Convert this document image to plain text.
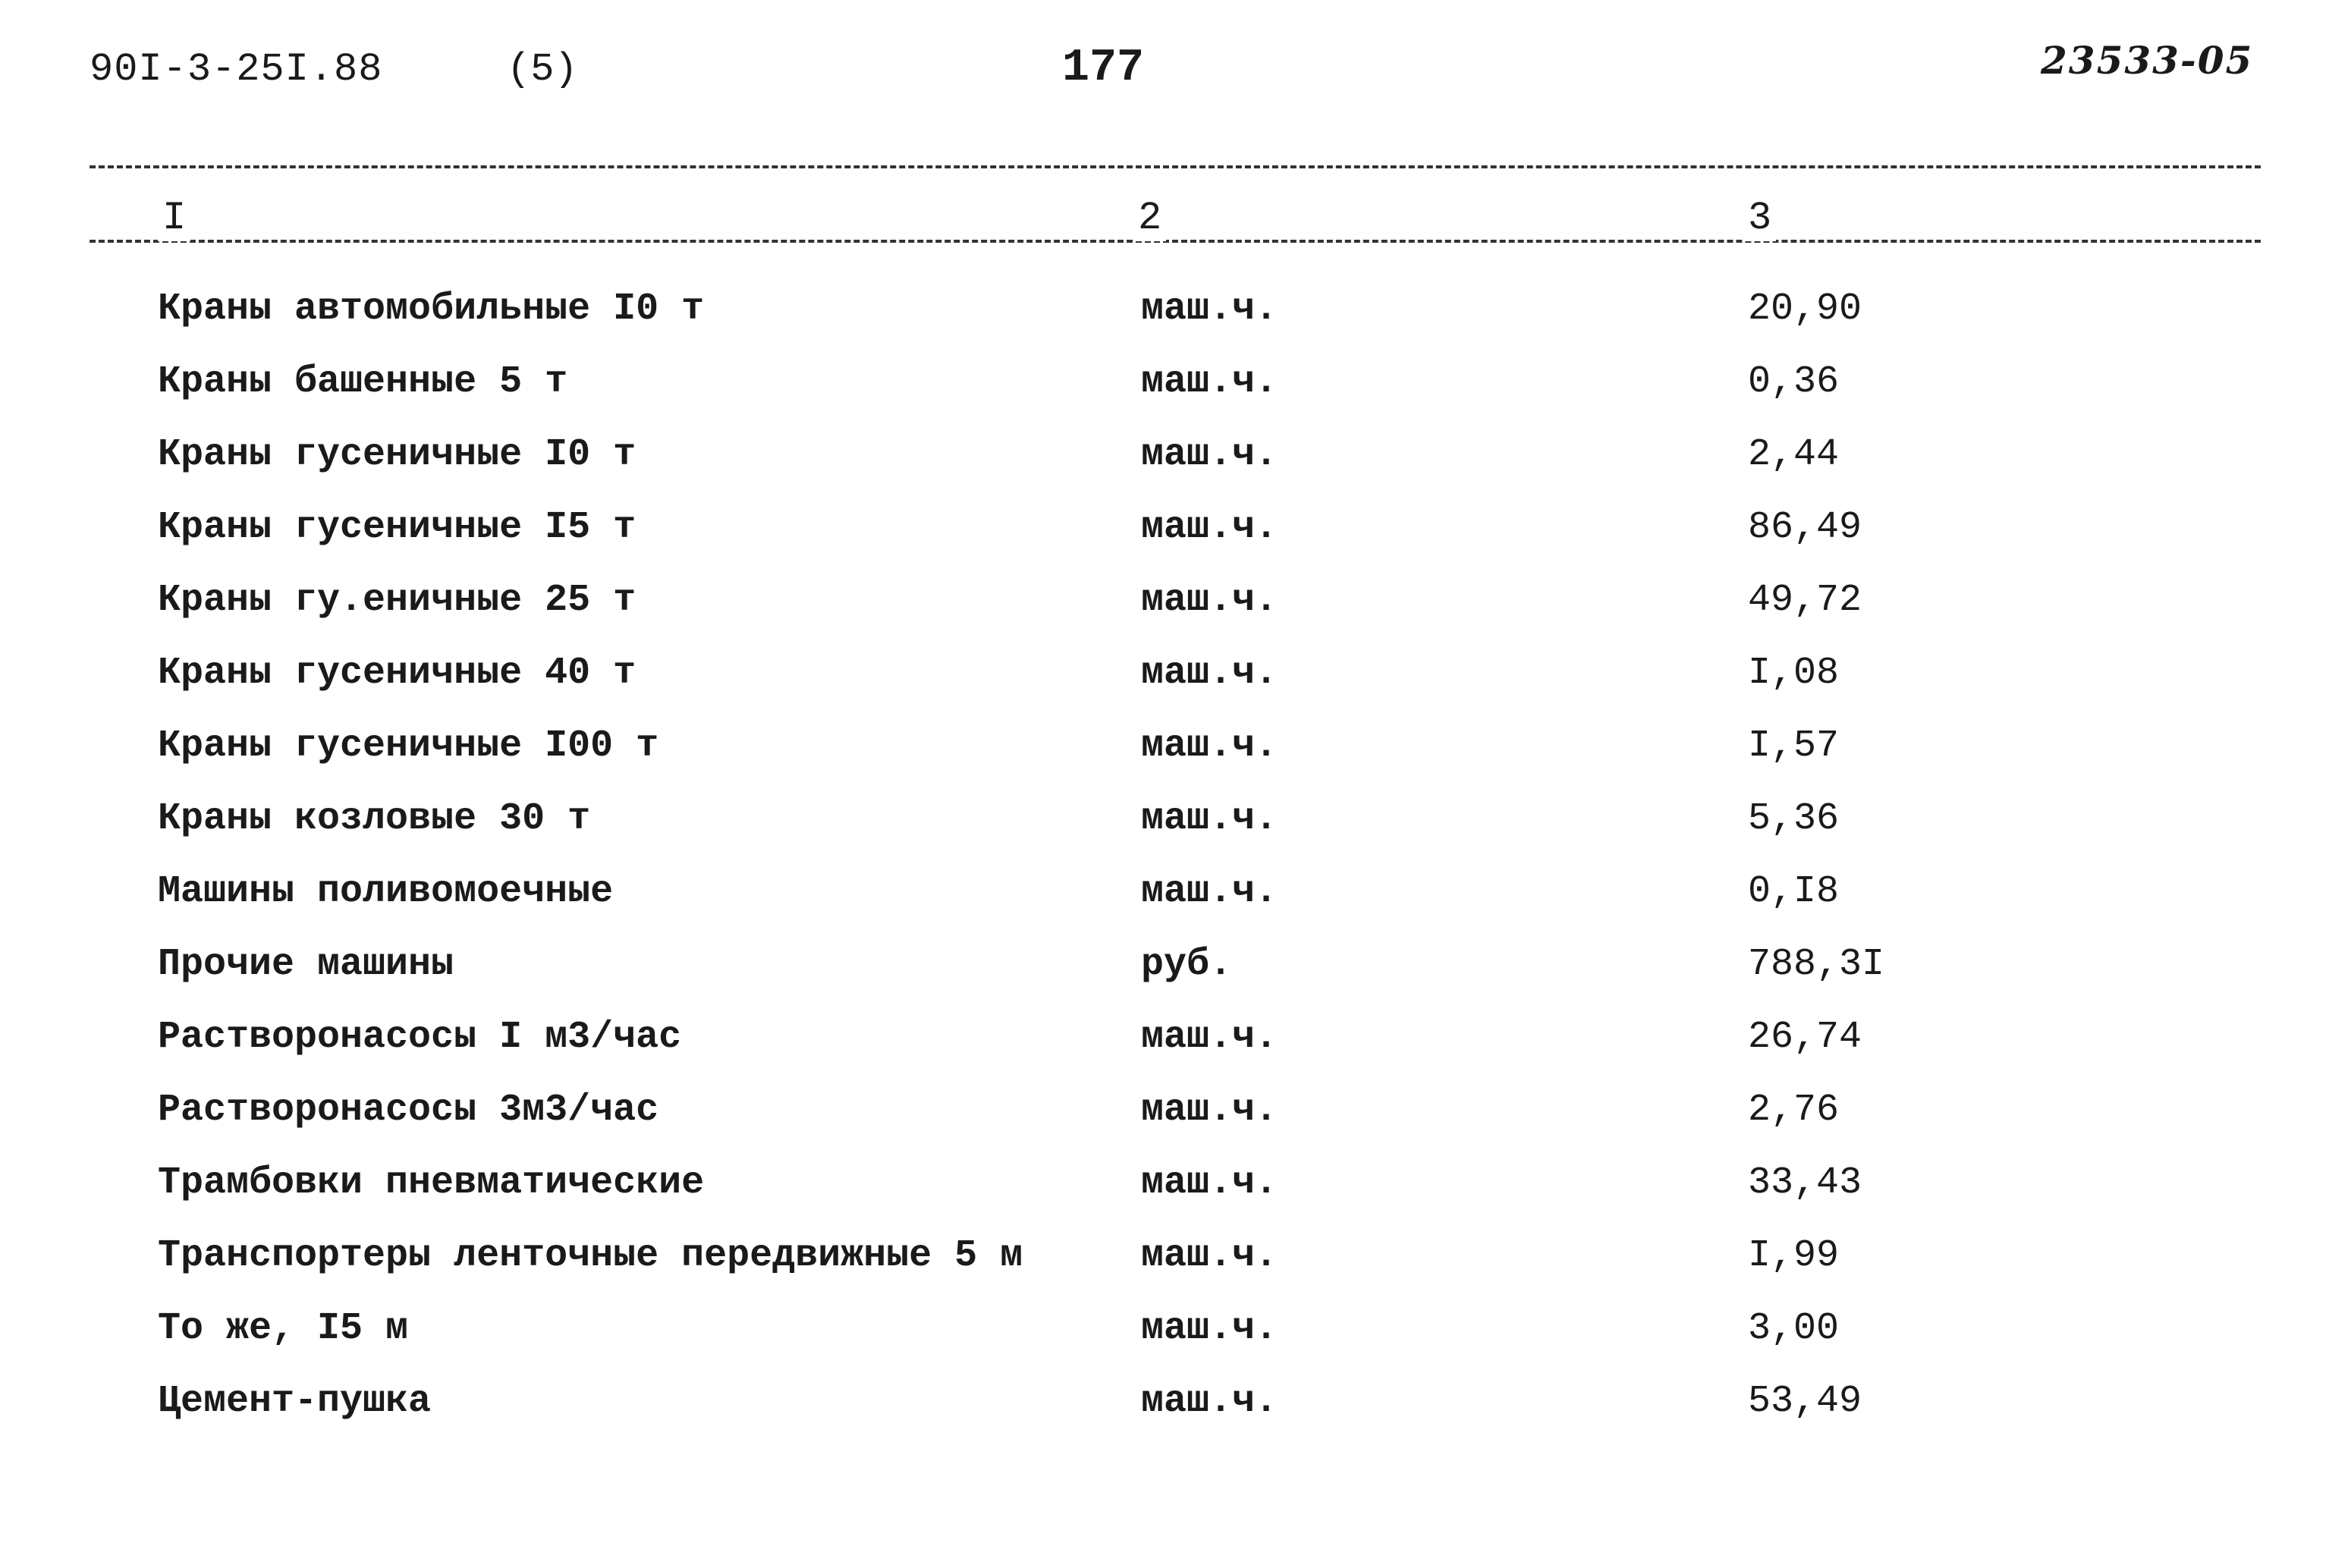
90I-3-25I.88	(5)	177	23533-05
I	2	3
Краны автомобильные I0 т	маш.ч.	20,90
Краны башенные 5 т	маш.ч.	0,36
Краны гусеничные I0 т	маш.ч.	2,44
Краны гусеничные I5 т	маш.ч.	86,49
Краны гу.еничные 25 т	маш.ч.	49,72
Краны гусеничные 40 т	маш.ч.	I,08
Краны гусеничные I00 т	маш.ч.	I,57
Краны козловые 30 т	маш.ч.	5,36
Машины поливомоечные	маш.ч.	0,I8
Прочие машины	руб.	788,3I
Растворонасосы I м3/час	маш.ч.	26,74
Растворонасосы 3м3/час	маш.ч.	2,76
Трамбовки пневматические	маш.ч.	33,43
Транспортеры ленточные передвижные 5 м	маш.ч.	I,99
То же, I5 м	маш.ч.	3,00
Цемент-пушка	маш.ч.	53,49
